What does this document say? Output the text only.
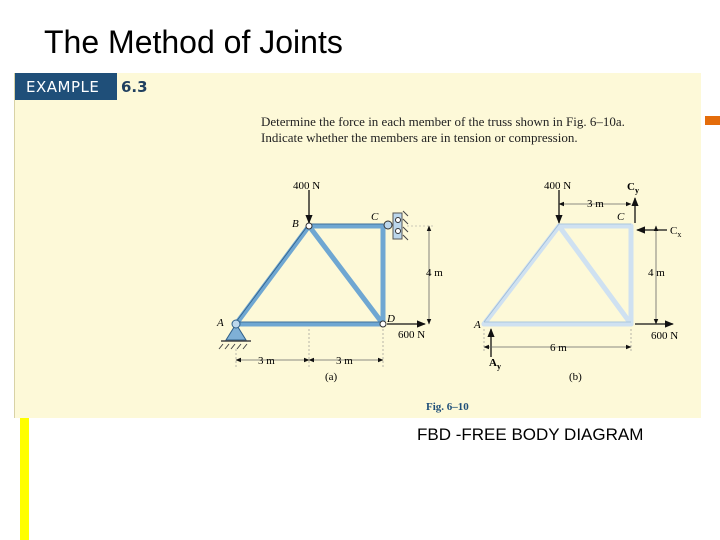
The Method of Joints
EXAMPLE 6.3
Determine the force in each member of the truss shown in Fig. 6–10a.
Indicate whether the members are in tension or compression.
400 N
B
C
A	D
600 N
4 m
3 m	3 m
(a)
400 N	$C_y$
3 m
C
$C_x$
4 m
A
600 N
6 m
$A_y$
(b)
Fig. 6–10
FBD -FREE BODY DIAGRAM
